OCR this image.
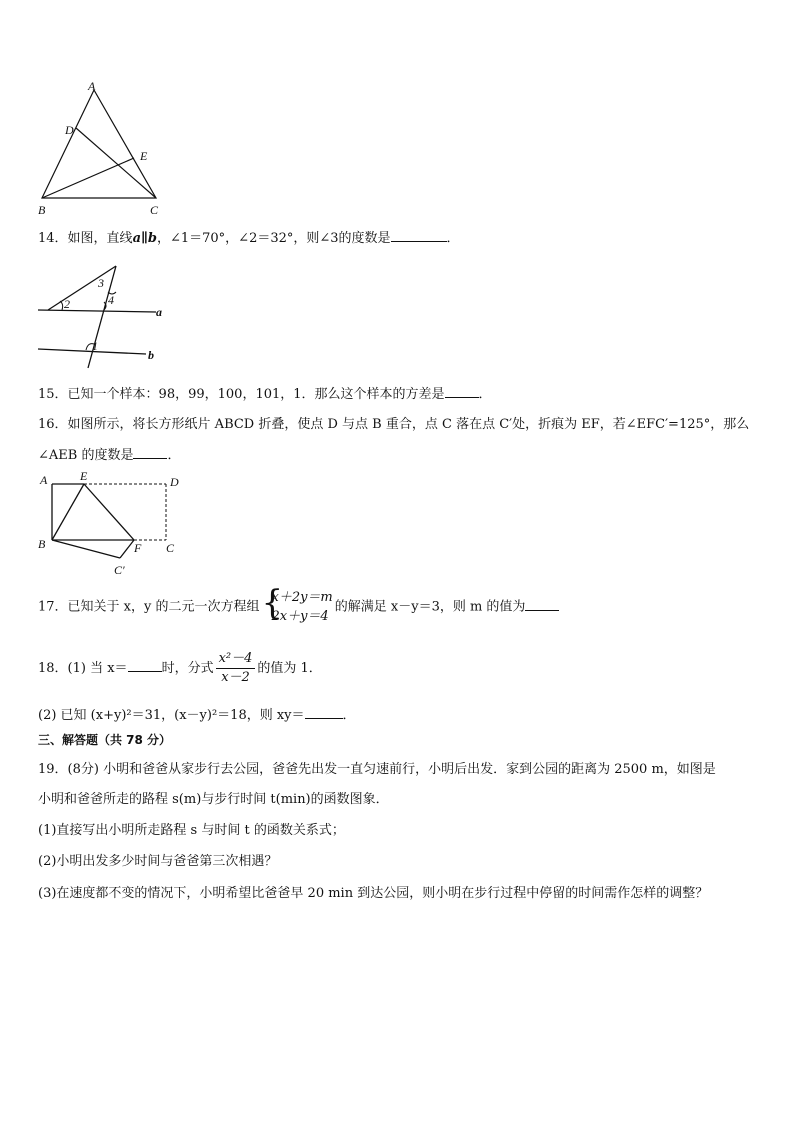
A
D
E
B	C
14．如图，直线a∥b，∠1＝70°，∠2＝32°，则∠3的度数是	．
2
3
4
1
a
b
15．已知一个样本：98，99，100，101，1．那么这个样本的方差是	．
16．如图所示，将长方形纸片 ABCD 折叠，使点 D 与点 B 重合，点 C 落在点 C′处，折痕为 EF，若∠EFC′=125°，那么
∠AEB 的度数是	．
A	E	D
B	F C
C′
17．已知关于 x，y 的二元一次方程组 {
x＋2y＝m
2x＋y＝4
的解满足 x－y＝3，则 m 的值为
18．(1) 当 x＝	时，分式 $\frac{\text{x²－4}}{x-2}$ 的值为 1．
(2) 已知 (x+y)²＝31，(x－y)²＝18，则 xy＝	．
三、解答题（共 78 分）
19．(8分) 小明和爸爸从家步行去公园，爸爸先出发一直匀速前行，小明后出发．家到公园的距离为 2500 m，如图是
小明和爸爸所走的路程 s(m)与步行时间 t(min)的函数图象．
(1)直接写出小明所走路程 s 与时间 t 的函数关系式；
(2)小明出发多少时间与爸爸第三次相遇？
(3)在速度都不变的情况下，小明希望比爸爸早 20 min 到达公园，则小明在步行过程中停留的时间需作怎样的调整？
